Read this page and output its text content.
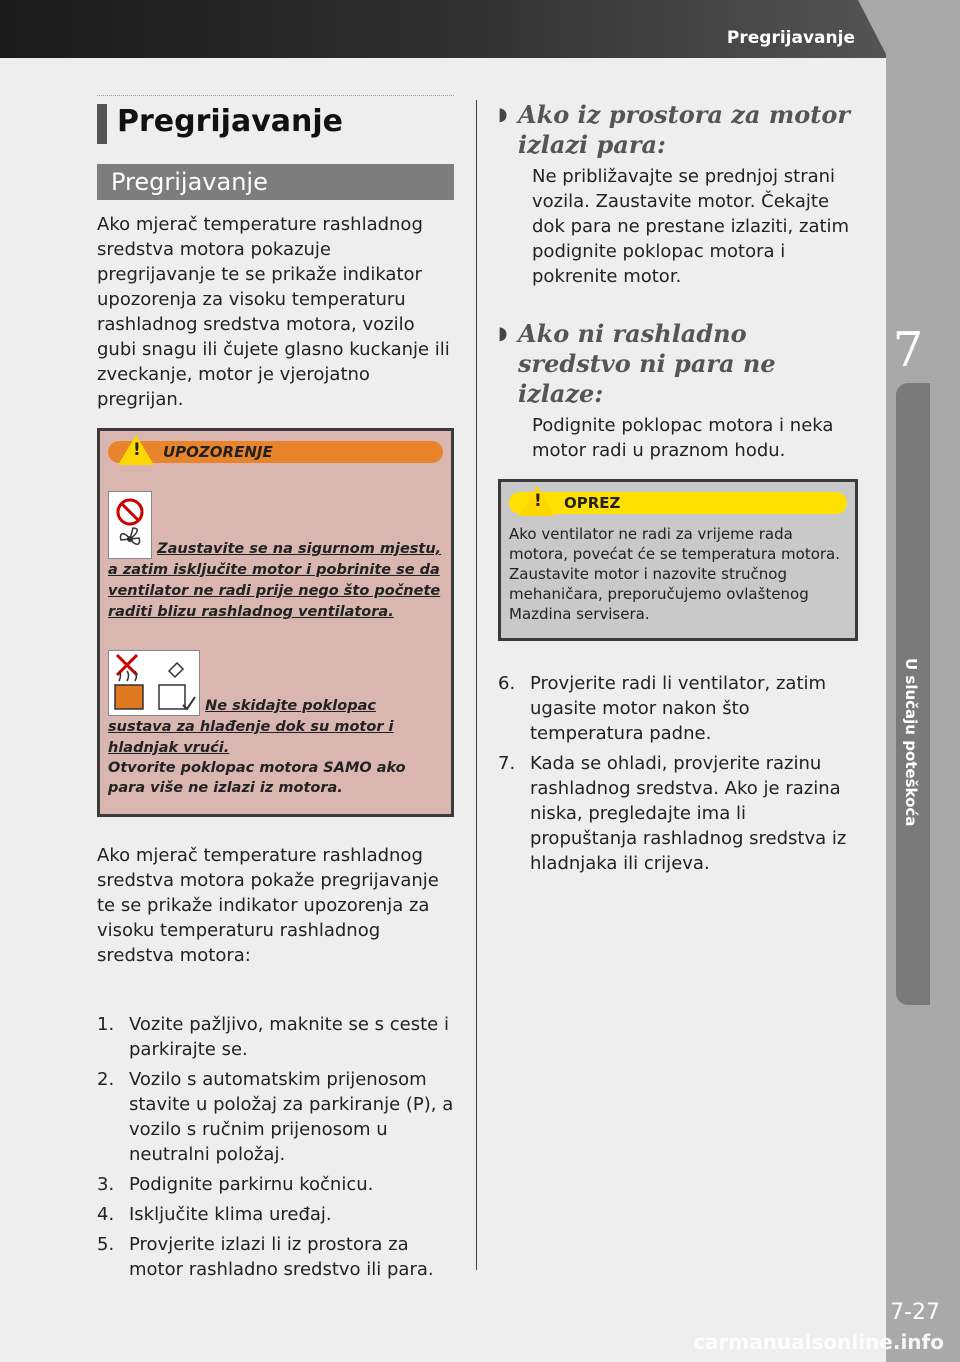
Pregrijavanje
7
7-27
carmanualsonline.info
Pregrijavanje
Pregrijavanje

Ako mjerač temperature rashladnog sredstva motora pokazuje pregrijavanje te se prikaže indikator upozorenja za visoku temperaturu rashladnog sredstva motora, vozilo gubi snagu ili čujete glasno kuckanje ili zveckanje, motor je vjerojatno pregrijan.

! UPOZORENJE
Zaustavite se na sigurnom mjestu, a zatim isključite motor i pobrinite se da ventilator ne radi prije nego što počnete raditi blizu rashladnog ventilatora.
Ne skidajte poklopac sustava za hlađenje dok su motor i hladnjak vrući.
Otvorite poklopac motora SAMO ako para više ne izlazi iz motora.

Ako mjerač temperature rashladnog sredstva motora pokaže pregrijavanje te se prikaže indikator upozorenja za visoku temperaturu rashladnog sredstva motora:

1. Vozite pažljivo, maknite se s ceste i parkirajte se.
2. Vozilo s automatskim prijenosom stavite u položaj za parkiranje (P), a vozilo s ručnim prijenosom u neutralni položaj.
3. Podignite parkirnu kočnicu.
4. Isključite klima uređaj.
5. Provjerite izlazi li iz prostora za motor rashladno sredstvo ili para.
◗ Ako iz prostora za motor izlazi para:
Ne približavajte se prednjoj strani vozila. Zaustavite motor. Čekajte dok para ne prestane izlaziti, zatim podignite poklopac motora i pokrenite motor.
◗ Ako ni rashladno sredstvo ni para ne izlaze:
Podignite poklopac motora i neka motor radi u praznom hodu.
! OPREZ
Ako ventilator ne radi za vrijeme rada motora, povećat će se temperatura motora. Zaustavite motor i nazovite stručnog mehaničara, preporučujemo ovlaštenog Mazdina servisera.
6. Provjerite radi li ventilator, zatim ugasite motor nakon što temperatura padne.
7. Kada se ohladi, provjerite razinu rashladnog sredstva. Ako je razina niska, pregledajte ima li propuštanja rashladnog sredstva iz hladnjaka ili crijeva.
